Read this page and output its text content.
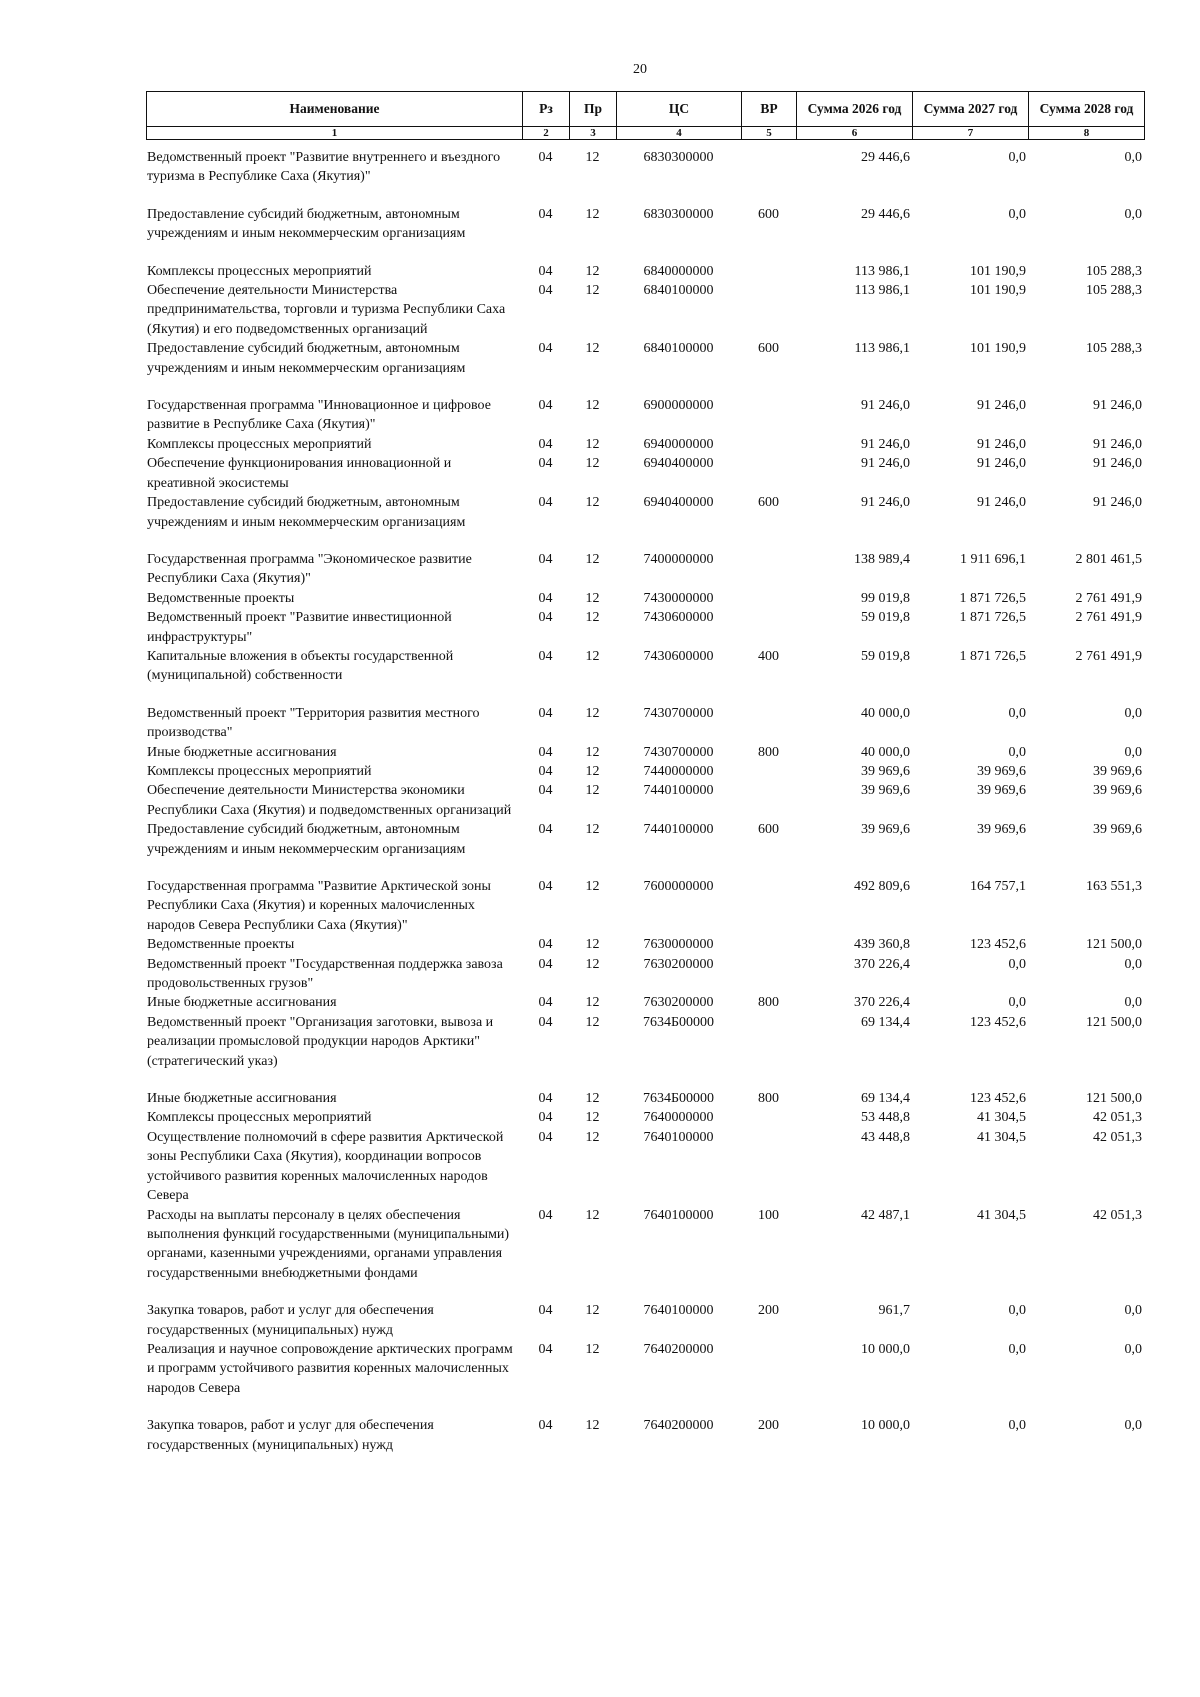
20
Наименование	Рз	Пр	ЦС	ВР	Сумма 2026 год	Сумма 2027 год	Сумма 2028 год
1	2	3	4	5	6	7	8
Ведомственный проект "Развитие внутреннего и въездного туризма в Республике Саха (Якутия)"	04	12	6830300000		29 446,6	0,0	0,0
Предоставление субсидий бюджетным, автономным учреждениям и иным некоммерческим организациям	04	12	6830300000	600	29 446,6	0,0	0,0
Комплексы процессных мероприятий	04	12	6840000000		113 986,1	101 190,9	105 288,3
Обеспечение деятельности Министерства предпринимательства, торговли и туризма Республики Саха (Якутия) и его подведомственных организаций	04	12	6840100000		113 986,1	101 190,9	105 288,3
Предоставление субсидий бюджетным, автономным учреждениям и иным некоммерческим организациям	04	12	6840100000	600	113 986,1	101 190,9	105 288,3
Государственная программа "Инновационное и цифровое развитие в Республике Саха (Якутия)"	04	12	6900000000		91 246,0	91 246,0	91 246,0
Комплексы процессных мероприятий	04	12	6940000000		91 246,0	91 246,0	91 246,0
Обеспечение функционирования инновационной и креативной экосистемы	04	12	6940400000		91 246,0	91 246,0	91 246,0
Предоставление субсидий бюджетным, автономным учреждениям и иным некоммерческим организациям	04	12	6940400000	600	91 246,0	91 246,0	91 246,0
Государственная программа "Экономическое развитие Республики Саха (Якутия)"	04	12	7400000000		138 989,4	1 911 696,1	2 801 461,5
Ведомственные проекты	04	12	7430000000		99 019,8	1 871 726,5	2 761 491,9
Ведомственный проект "Развитие инвестиционной инфраструктуры"	04	12	7430600000		59 019,8	1 871 726,5	2 761 491,9
Капитальные вложения в объекты государственной (муниципальной) собственности	04	12	7430600000	400	59 019,8	1 871 726,5	2 761 491,9
Ведомственный проект "Территория развития местного производства"	04	12	7430700000		40 000,0	0,0	0,0
Иные бюджетные ассигнования	04	12	7430700000	800	40 000,0	0,0	0,0
Комплексы процессных мероприятий	04	12	7440000000		39 969,6	39 969,6	39 969,6
Обеспечение деятельности Министерства экономики Республики Саха (Якутия) и подведомственных организаций	04	12	7440100000		39 969,6	39 969,6	39 969,6
Предоставление субсидий бюджетным, автономным учреждениям и иным некоммерческим организациям	04	12	7440100000	600	39 969,6	39 969,6	39 969,6
Государственная программа "Развитие Арктической зоны Республики Саха (Якутия) и коренных малочисленных народов Севера Республики Саха (Якутия)"	04	12	7600000000		492 809,6	164 757,1	163 551,3
Ведомственные проекты	04	12	7630000000		439 360,8	123 452,6	121 500,0
Ведомственный проект "Государственная поддержка завоза продовольственных грузов"	04	12	7630200000		370 226,4	0,0	0,0
Иные бюджетные ассигнования	04	12	7630200000	800	370 226,4	0,0	0,0
Ведомственный проект "Организация заготовки, вывоза и реализации промысловой продукции народов Арктики" (стратегический указ)	04	12	7634Б00000		69 134,4	123 452,6	121 500,0
Иные бюджетные ассигнования	04	12	7634Б00000	800	69 134,4	123 452,6	121 500,0
Комплексы процессных мероприятий	04	12	7640000000		53 448,8	41 304,5	42 051,3
Осуществление полномочий в сфере развития Арктической зоны Республики Саха (Якутия), координации вопросов устойчивого развития коренных малочисленных народов Севера	04	12	7640100000		43 448,8	41 304,5	42 051,3
Расходы на выплаты персоналу в целях обеспечения выполнения функций государственными (муниципальными) органами, казенными учреждениями, органами управления государственными внебюджетными фондами	04	12	7640100000	100	42 487,1	41 304,5	42 051,3
Закупка товаров, работ и услуг для обеспечения государственных (муниципальных) нужд	04	12	7640100000	200	961,7	0,0	0,0
Реализация и научное сопровождение арктических программ и программ устойчивого развития коренных малочисленных народов Севера	04	12	7640200000		10 000,0	0,0	0,0
Закупка товаров, работ и услуг для обеспечения государственных (муниципальных) нужд	04	12	7640200000	200	10 000,0	0,0	0,0
